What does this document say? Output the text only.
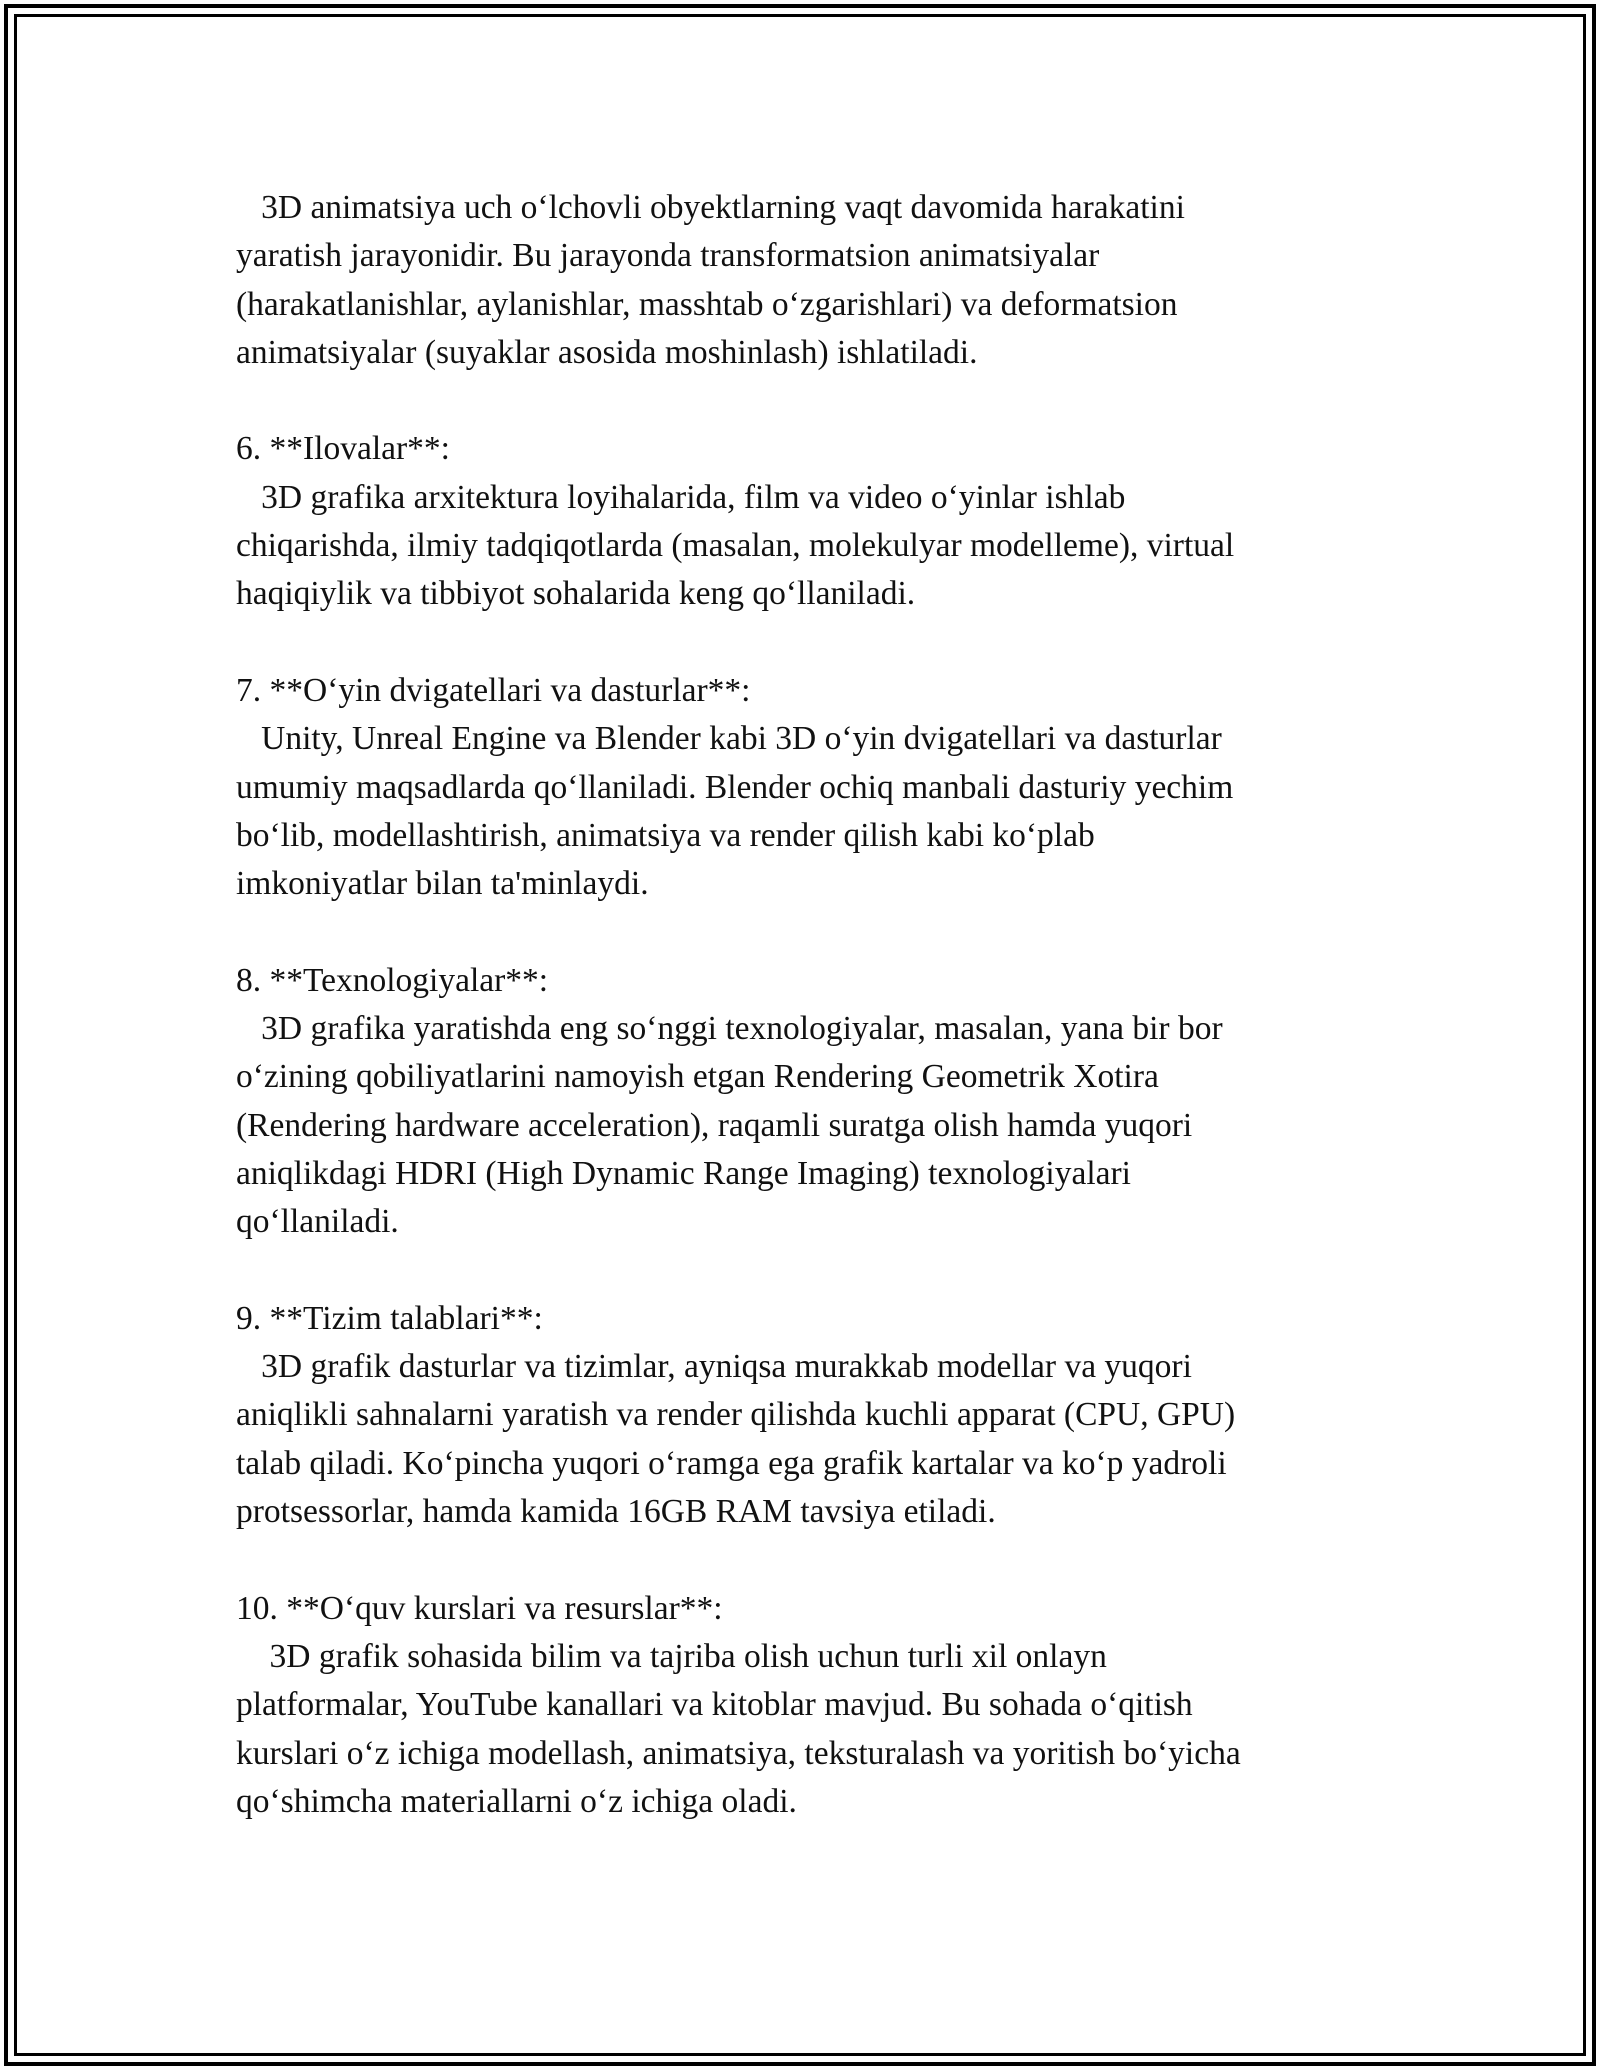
3D animatsiya uch o‘lchovli obyektlarning vaqt davomida harakatini
yaratish jarayonidir. Bu jarayonda transformatsion animatsiyalar
(harakatlanishlar, aylanishlar, masshtab o‘zgarishlari) va deformatsion
animatsiyalar (suyaklar asosida moshinlash) ishlatiladi.
6. **Ilovalar**:
3D grafika arxitektura loyihalarida, film va video o‘yinlar ishlab
chiqarishda, ilmiy tadqiqotlarda (masalan, molekulyar modelleme), virtual
haqiqiylik va tibbiyot sohalarida keng qo‘llaniladi.
7. **O‘yin dvigatellari va dasturlar**:
Unity, Unreal Engine va Blender kabi 3D o‘yin dvigatellari va dasturlar
umumiy maqsadlarda qo‘llaniladi. Blender ochiq manbali dasturiy yechim
bo‘lib, modellashtirish, animatsiya va render qilish kabi ko‘plab
imkoniyatlar bilan ta'minlaydi.
8. **Texnologiyalar**:
3D grafika yaratishda eng so‘nggi texnologiyalar, masalan, yana bir bor
o‘zining qobiliyatlarini namoyish etgan Rendering Geometrik Xotira
(Rendering hardware acceleration), raqamli suratga olish hamda yuqori
aniqlikdagi HDRI (High Dynamic Range Imaging) texnologiyalari
qo‘llaniladi.
9. **Tizim talablari**:
3D grafik dasturlar va tizimlar, ayniqsa murakkab modellar va yuqori
aniqlikli sahnalarni yaratish va render qilishda kuchli apparat (CPU, GPU)
talab qiladi. Ko‘pincha yuqori o‘ramga ega grafik kartalar va ko‘p yadroli
protsessorlar, hamda kamida 16GB RAM tavsiya etiladi.
10. **O‘quv kurslari va resurslar**:
3D grafik sohasida bilim va tajriba olish uchun turli xil onlayn
platformalar, YouTube kanallari va kitoblar mavjud. Bu sohada o‘qitish
kurslari o‘z ichiga modellash, animatsiya, teksturalash va yoritish bo‘yicha
qo‘shimcha materiallarni o‘z ichiga oladi.
